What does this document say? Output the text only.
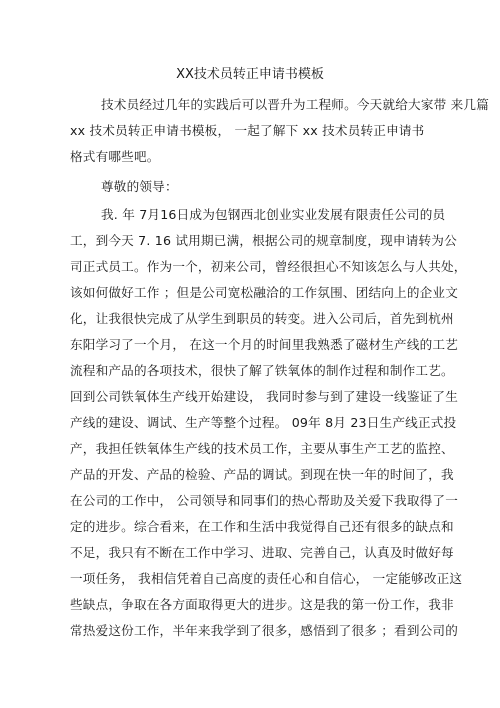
XX技术员转正申请书模板
技术员经过几年的实践后可以晋升为工程师。今天就给大家带 来几篇
xx 技术员转正申请书模板， 一起了解下 xx 技术员转正申请书
格式有哪些吧。
尊敬的领导：
我. 年 7月16日成为包钢西北创业实业发展有限责任公司的员
工，到今天 7. 16 试用期已满，根据公司的规章制度，现申请转为公
司正式员工。作为一个，初来公司，曾经很担心不知该怎么与人共处，
该如何做好工作 ；但是公司宽松融洽的工作氛围、团结向上的企业文
化，让我很快完成了从学生到职员的转变。进入公司后，首先到杭州
东阳学习了一个月， 在这一个月的时间里我熟悉了磁材生产线的工艺
流程和产品的各项技术，很快了解了铁氧体的制作过程和制作工艺。
回到公司铁氧体生产线开始建设， 我同时参与到了建设一线鉴证了生
产线的建设、调试、生产等整个过程。 09年 8月 23日生产线正式投
产，我担任铁氧体生产线的技术员工作，主要从事生产工艺的监控、
产品的开发、产品的检验、产品的调试。到现在快一年的时间了，我
在公司的工作中， 公司领导和同事们的热心帮助及关爱下我取得了一
定的进步。综合看来，在工作和生活中我觉得自己还有很多的缺点和
不足，我只有不断在工作中学习、进取、完善自己，认真及时做好每
一项任务， 我相信凭着自己高度的责任心和自信心， 一定能够改正这
些缺点，争取在各方面取得更大的进步。这是我的第一份工作，我非
常热爱这份工作，半年来我学到了很多，感悟到了很多 ；看到公司的
